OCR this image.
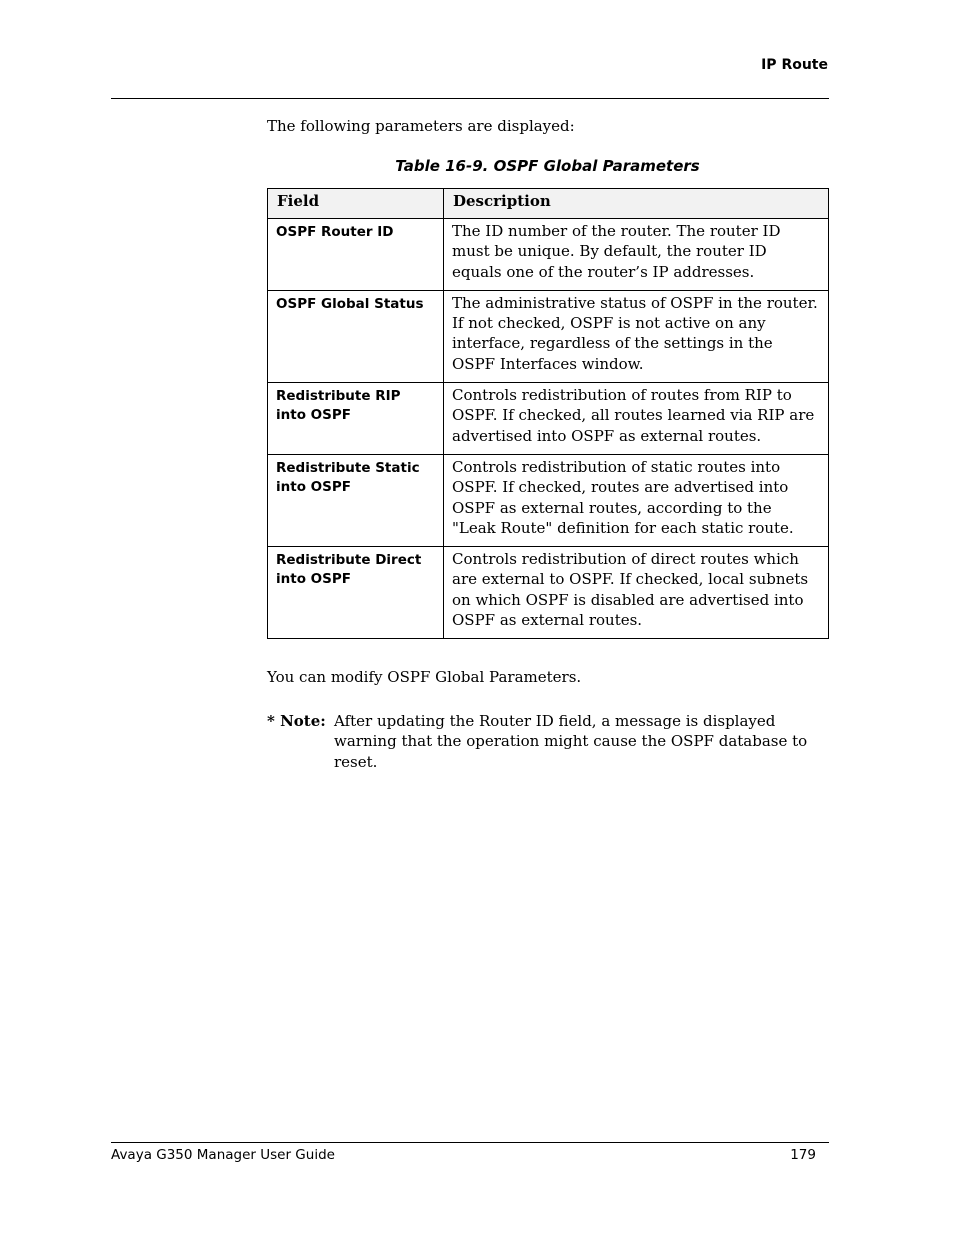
IP Route
The following parameters are displayed:
Table 16-9. OSPF Global Parameters
Field	Description
OSPF Router ID	The ID number of the router. The router ID must be unique. By default, the router ID equals one of the router’s IP addresses.
OSPF Global Status	The administrative status of OSPF in the router. If not checked, OSPF is not active on any interface, regardless of the settings in the OSPF Interfaces window.
Redistribute RIP into OSPF	Controls redistribution of routes from RIP to OSPF. If checked, all routes learned via RIP are advertised into OSPF as external routes.
Redistribute Static into OSPF	Controls redistribution of static routes into OSPF. If checked, routes are advertised into OSPF as external routes, according to the "Leak Route" definition for each static route.
Redistribute Direct into OSPF	Controls redistribution of direct routes which are external to OSPF. If checked, local subnets on which OSPF is disabled are advertised into OSPF as external routes.
You can modify OSPF Global Parameters.
* Note: After updating the Router ID field, a message is displayed warning that the operation might cause the OSPF database to reset.
Avaya G350 Manager User Guide	179
